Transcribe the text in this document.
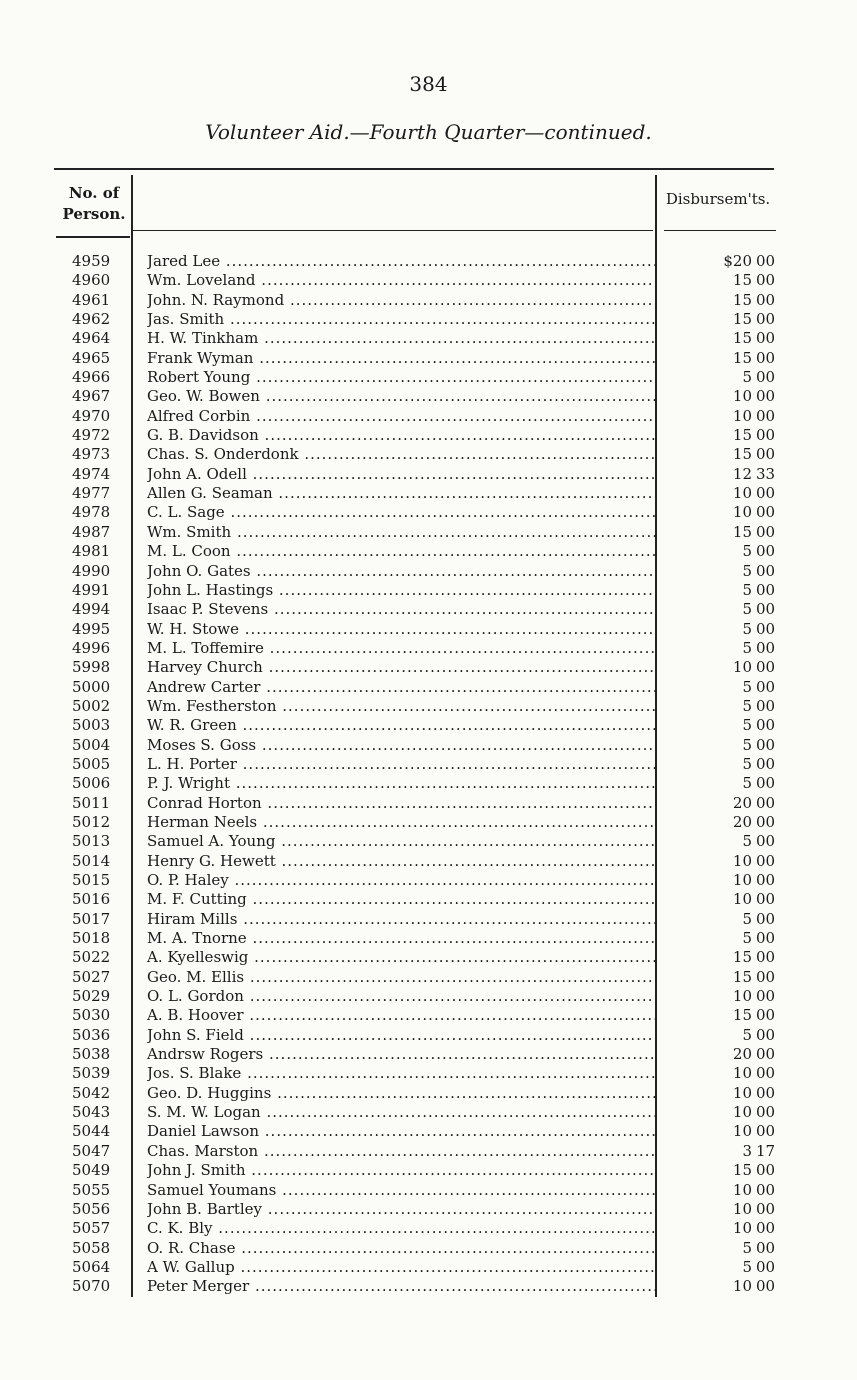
384
Volunteer Aid.—Fourth Quarter—continued.
No. of Person.
Disbursem'ts.
4959	Jared Lee .....	$20 00
4960	Wm. Loveland .....	15 00
4961	John. N. Raymond .....	15 00
4962	Jas. Smith .....	15 00
4964	H. W. Tinkham .....	15 00
4965	Frank Wyman .....	15 00
4966	Robert Young .....	5 00
4967	Geo. W. Bowen .....	10 00
4970	Alfred Corbin .....	10 00
4972	G. B. Davidson .....	15 00
4973	Chas. S. Onderdonk .....	15 00
4974	John A. Odell .....	12 33
4977	Allen G. Seaman .....	10 00
4978	C. L. Sage .....	10 00
4987	Wm. Smith .....	15 00
4981	M. L. Coon .....	5 00
4990	John O. Gates .....	5 00
4991	John L. Hastings .....	5 00
4994	Isaac P. Stevens .....	5 00
4995	W. H. Stowe .....	5 00
4996	M. L. Toffemire .....	5 00
5998	Harvey Church .....	10 00
5000	Andrew Carter .....	5 00
5002	Wm. Festherston .....	5 00
5003	W. R. Green .....	5 00
5004	Moses S. Goss .....	5 00
5005	L. H. Porter .....	5 00
5006	P. J. Wright .....	5 00
5011	Conrad Horton .....	20 00
5012	Herman Neels .....	20 00
5013	Samuel A. Young .....	5 00
5014	Henry G. Hewett .....	10 00
5015	O. P. Haley .....	10 00
5016	M. F. Cutting .....	10 00
5017	Hiram Mills .....	5 00
5018	M. A. Tnorne .....	5 00
5022	A. Kyelleswig .....	15 00
5027	Geo. M. Ellis .....	15 00
5029	O. L. Gordon .....	10 00
5030	A. B. Hoover .....	15 00
5036	John S. Field .....	5 00
5038	Andrsw Rogers .....	20 00
5039	Jos. S. Blake .....	10 00
5042	Geo. D. Huggins .....	10 00
5043	S. M. W. Logan .....	10 00
5044	Daniel Lawson .....	10 00
5047	Chas. Marston .....	3 17
5049	John J. Smith .....	15 00
5055	Samuel Youmans .....	10 00
5056	John B. Bartley .....	10 00
5057	C. K. Bly .....	10 00
5058	O. R. Chase .....	5 00
5064	A W. Gallup .....	5 00
5070	Peter Merger .....	10 00
